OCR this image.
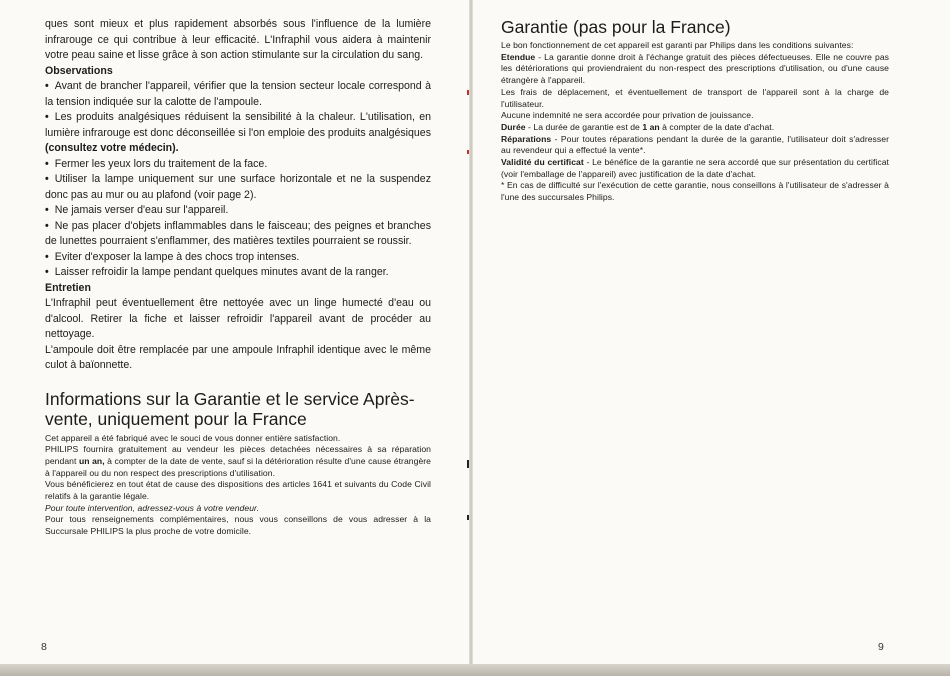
ques sont mieux et plus rapidement absorbés sous l'influence de la lumière infrarouge ce qui contribue à leur efficacité. L'Infraphil vous aidera à maintenir votre peau saine et lisse grâce à son action stimulante sur la circulation du sang.

Observations

• Avant de brancher l'appareil, vérifier que la tension secteur locale correspond à la tension indiquée sur la calotte de l'ampoule.

• Les produits analgésiques réduisent la sensibilité à la chaleur. L'utilisation, en lumière infrarouge est donc déconseillée si l'on emploie des produits analgésiques (consultez votre médecin).

• Fermer les yeux lors du traitement de la face.

• Utiliser la lampe uniquement sur une surface horizontale et ne la suspendez donc pas au mur ou au plafond (voir page 2).

• Ne jamais verser d'eau sur l'appareil.

• Ne pas placer d'objets inflammables dans le faisceau; des peignes et branches de lunettes pourraient s'enflammer, des matières textiles pourraient se roussir.

• Eviter d'exposer la lampe à des chocs trop intenses.

• Laisser refroidir la lampe pendant quelques minutes avant de la ranger.

Entretien

L'Infraphil peut éventuellement être nettoyée avec un linge humecté d'eau ou d'alcool. Retirer la fiche et laisser refroidir l'appareil avant de procéder au nettoyage.

L'ampoule doit être remplacée par une ampoule Infraphil identique avec le même culot à baïonnette.

Informations sur la Garantie et le service Après-vente, uniquement pour la France

Cet appareil a été fabriqué avec le souci de vous donner entière satisfaction.

PHILIPS fournira gratuitement au vendeur les pièces detachées nécessaires à sa réparation pendant un an, à compter de la date de vente, sauf si la détérioration résulte d'une cause étrangère à l'appareil ou du non respect des prescriptions d'utilisation.

Vous bénéficierez en tout état de cause des dispositions des articles 1641 et suivants du Code Civil relatifs à la garantie légale.

Pour toute intervention, adressez-vous à votre vendeur.

Pour tous renseignements complémentaires, nous vous conseillons de vous adresser à la Succursale PHILIPS la plus proche de votre domicile.

8
Garantie (pas pour la France)

Le bon fonctionnement de cet appareil est garanti par Philips dans les conditions suivantes:

Etendue - La garantie donne droit à l'échange gratuit des pièces défectueuses. Elle ne couvre pas les détériorations qui proviendraient du non-respect des prescriptions d'utilisation, ou d'une cause étrangère à l'appareil.

Les frais de déplacement, et éventuellement de transport de l'appareil sont à la charge de l'utilisateur.

Aucune indemnité ne sera accordée pour privation de jouissance.

Durée - La durée de garantie est de 1 an à compter de la date d'achat.

Réparations - Pour toutes réparations pendant la durée de la garantie, l'utilisateur doit s'adresser au revendeur qui a effectué la vente*.

Validité du certificat - Le bénéfice de la garantie ne sera accordé que sur présentation du certificat (voir l'emballage de l'appareil) avec justification de la date d'achat.

* En cas de difficulté sur l'exécution de cette garantie, nous conseillons à l'utilisateur de s'adresser à l'une des succursales Philips.

9
